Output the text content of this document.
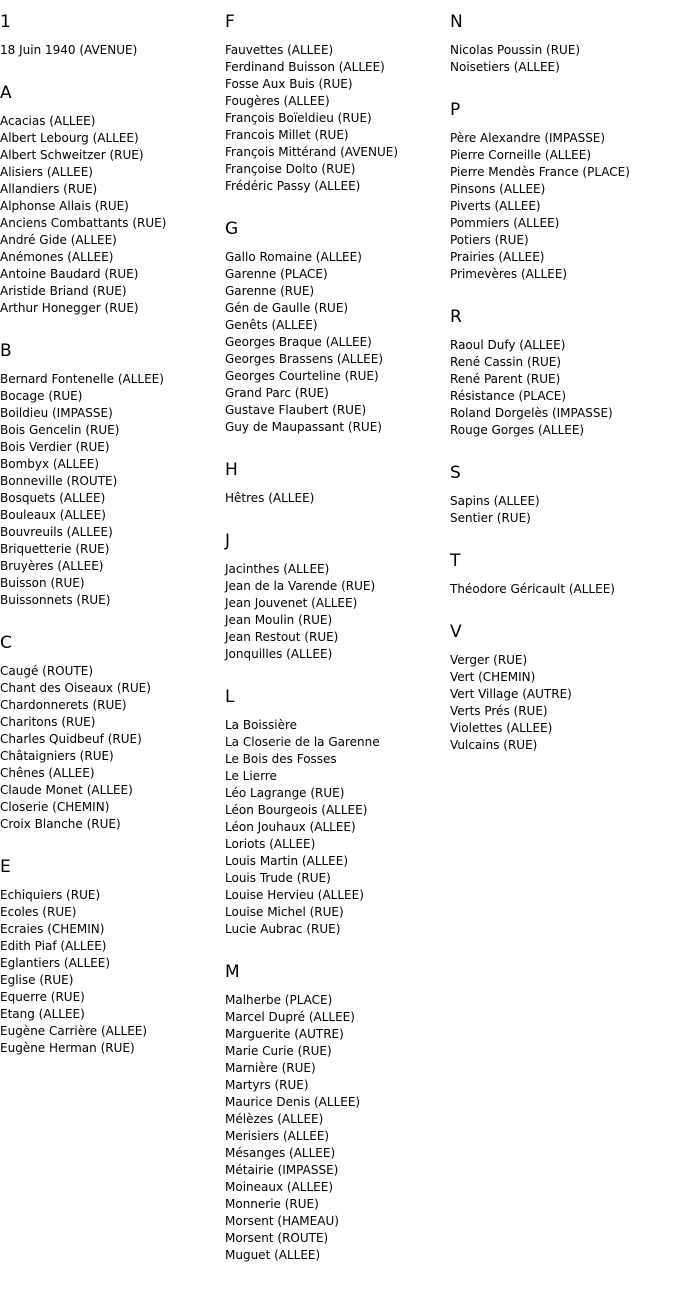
1
18 Juin 1940 (AVENUE)
A
Acacias (ALLEE)
Albert Lebourg (ALLEE)
Albert Schweitzer (RUE)
Alisiers (ALLEE)
Allandiers (RUE)
Alphonse Allais (RUE)
Anciens Combattants (RUE)
André Gide (ALLEE)
Anémones (ALLEE)
Antoine Baudard (RUE)
Aristide Briand (RUE)
Arthur Honegger (RUE)
B
Bernard Fontenelle (ALLEE)
Bocage (RUE)
Boildieu (IMPASSE)
Bois Gencelin (RUE)
Bois Verdier (RUE)
Bombyx (ALLEE)
Bonneville (ROUTE)
Bosquets (ALLEE)
Bouleaux (ALLEE)
Bouvreuils (ALLEE)
Briquetterie (RUE)
Bruyères (ALLEE)
Buisson (RUE)
Buissonnets (RUE)
C
Caugé (ROUTE)
Chant des Oiseaux (RUE)
Chardonnerets (RUE)
Charitons (RUE)
Charles Quidbeuf (RUE)
Châtaigniers (RUE)
Chênes (ALLEE)
Claude Monet (ALLEE)
Closerie (CHEMIN)
Croix Blanche (RUE)
E
Echiquiers (RUE)
Ecoles (RUE)
Ecraies (CHEMIN)
Edith Piaf (ALLEE)
Eglantiers (ALLEE)
Eglise (RUE)
Equerre (RUE)
Etang (ALLEE)
Eugène Carrière (ALLEE)
Eugène Herman (RUE)
F
Fauvettes (ALLEE)
Ferdinand Buisson (ALLEE)
Fosse Aux Buis (RUE)
Fougères (ALLEE)
François Boïeldieu (RUE)
Francois Millet (RUE)
François Mittérand (AVENUE)
Françoise Dolto (RUE)
Frédéric Passy (ALLEE)
G
Gallo Romaine (ALLEE)
Garenne (PLACE)
Garenne (RUE)
Gén de Gaulle (RUE)
Genêts (ALLEE)
Georges Braque (ALLEE)
Georges Brassens (ALLEE)
Georges Courteline (RUE)
Grand Parc (RUE)
Gustave Flaubert (RUE)
Guy de Maupassant (RUE)
H
Hêtres (ALLEE)
J
Jacinthes (ALLEE)
Jean de la Varende (RUE)
Jean Jouvenet (ALLEE)
Jean Moulin (RUE)
Jean Restout (RUE)
Jonquilles (ALLEE)
L
La Boissière
La Closerie de la Garenne
Le Bois des Fosses
Le Lierre
Léo Lagrange (RUE)
Léon Bourgeois (ALLEE)
Léon Jouhaux (ALLEE)
Loriots (ALLEE)
Louis Martin (ALLEE)
Louis Trude (RUE)
Louise Hervieu (ALLEE)
Louise Michel (RUE)
Lucie Aubrac (RUE)
M
Malherbe (PLACE)
Marcel Dupré (ALLEE)
Marguerite (AUTRE)
Marie Curie (RUE)
Marnière (RUE)
Martyrs (RUE)
Maurice Denis (ALLEE)
Mélèzes (ALLEE)
Merisiers (ALLEE)
Mésanges (ALLEE)
Métairie (IMPASSE)
Moineaux (ALLEE)
Monnerie (RUE)
Morsent (HAMEAU)
Morsent (ROUTE)
Muguet (ALLEE)
N
Nicolas Poussin (RUE)
Noisetiers (ALLEE)
P
Père Alexandre (IMPASSE)
Pierre Corneille (ALLEE)
Pierre Mendès France (PLACE)
Pinsons (ALLEE)
Piverts (ALLEE)
Pommiers (ALLEE)
Potiers (RUE)
Prairies (ALLEE)
Primevères (ALLEE)
R
Raoul Dufy (ALLEE)
René Cassin (RUE)
René Parent (RUE)
Résistance (PLACE)
Roland Dorgelès (IMPASSE)
Rouge Gorges (ALLEE)
S
Sapins (ALLEE)
Sentier (RUE)
T
Théodore Géricault (ALLEE)
V
Verger (RUE)
Vert (CHEMIN)
Vert Village (AUTRE)
Verts Prés (RUE)
Violettes (ALLEE)
Vulcains (RUE)
